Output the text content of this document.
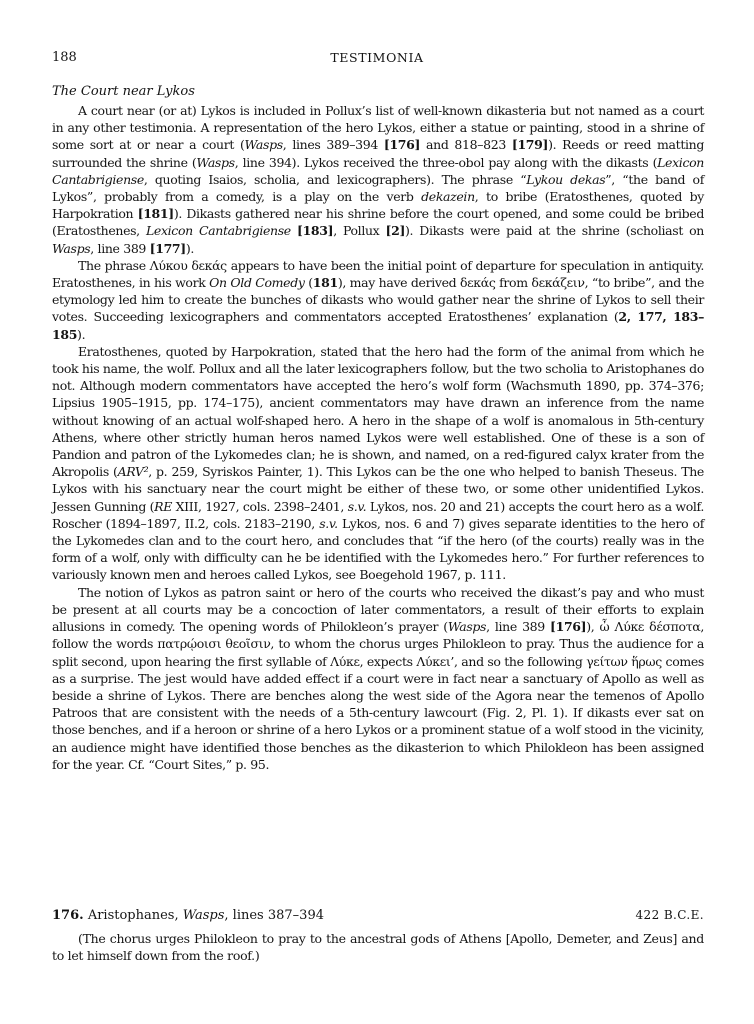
188	TESTIMONIA
The Court near Lykos

A court near (or at) Lykos is included in Pollux’s list of well-known dikasteria but not named as a court in any other testimonia. A representation of the hero Lykos, either a statue or painting, stood in a shrine of some sort at or near a court (Wasps, lines 389–394 [176] and 818–823 [179]). Reeds or reed matting surrounded the shrine (Wasps, line 394). Lykos received the three-obol pay along with the dikasts (Lexicon Cantabrigiense, quoting Isaios, scholia, and lexicographers). The phrase “Lykou dekas”, “the band of Lykos”, probably from a comedy, is a play on the verb dekazein, to bribe (Eratosthenes, quoted by Harpokration [181]). Dikasts gathered near his shrine before the court opened, and some could be bribed (Eratosthenes, Lexicon Cantabrigiense [183], Pollux [2]). Dikasts were paid at the shrine (scholiast on Wasps, line 389 [177]).

The phrase Λύκου δεκάς appears to have been the initial point of departure for speculation in antiquity. Eratosthenes, in his work On Old Comedy (181), may have derived δεκάς from δεκάζειν, “to bribe”, and the etymology led him to create the bunches of dikasts who would gather near the shrine of Lykos to sell their votes. Succeeding lexicographers and commentators accepted Eratosthenes’ explanation (2, 177, 183–185).

Eratosthenes, quoted by Harpokration, stated that the hero had the form of the animal from which he took his name, the wolf. Pollux and all the later lexicographers follow, but the two scholia to Aristophanes do not. Although modern commentators have accepted the hero’s wolf form (Wachsmuth 1890, pp. 374–376; Lipsius 1905–1915, pp. 174–175), ancient commentators may have drawn an inference from the name without knowing of an actual wolf-shaped hero. A hero in the shape of a wolf is anomalous in 5th-century Athens, where other strictly human heros named Lykos were well established. One of these is a son of Pandion and patron of the Lykomedes clan; he is shown, and named, on a red-figured calyx krater from the Akropolis (ARV², p. 259, Syriskos Painter, 1). This Lykos can be the one who helped to banish Theseus. The Lykos with his sanctuary near the court might be either of these two, or some other unidentified Lykos. Jessen Gunning (RE XIII, 1927, cols. 2398–2401, s.v. Lykos, nos. 20 and 21) accepts the court hero as a wolf. Roscher (1894–1897, II.2, cols. 2183–2190, s.v. Lykos, nos. 6 and 7) gives separate identities to the hero of the Lykomedes clan and to the court hero, and concludes that “if the hero (of the courts) really was in the form of a wolf, only with difficulty can he be identified with the Lykomedes hero.” For further references to variously known men and heroes called Lykos, see Boegehold 1967, p. 111.

The notion of Lykos as patron saint or hero of the courts who received the dikast’s pay and who must be present at all courts may be a concoction of later commentators, a result of their efforts to explain allusions in comedy. The opening words of Philokleon’s prayer (Wasps, line 389 [176]), ὦ Λύκε δέσποτα, follow the words πατρῴοισι θεοῖσιν, to whom the chorus urges Philokleon to pray. Thus the audience for a split second, upon hearing the first syllable of Λύκε, expects Λύκει’, and so the following γείτων ἥρως comes as a surprise. The jest would have added effect if a court were in fact near a sanctuary of Apollo as well as beside a shrine of Lykos. There are benches along the west side of the Agora near the temenos of Apollo Patroos that are consistent with the needs of a 5th-century lawcourt (Fig. 2, Pl. 1). If dikasts ever sat on those benches, and if a heroon or shrine of a hero Lykos or a prominent statue of a wolf stood in the vicinity, an audience might have identified those benches as the dikasterion to which Philokleon has been assigned for the year. Cf. “Court Sites,” p. 95.

176. Aristophanes, Wasps, lines 387–394	422 B.C.E.
(The chorus urges Philokleon to pray to the ancestral gods of Athens [Apollo, Demeter, and Zeus] and to let himself down from the roof.)
